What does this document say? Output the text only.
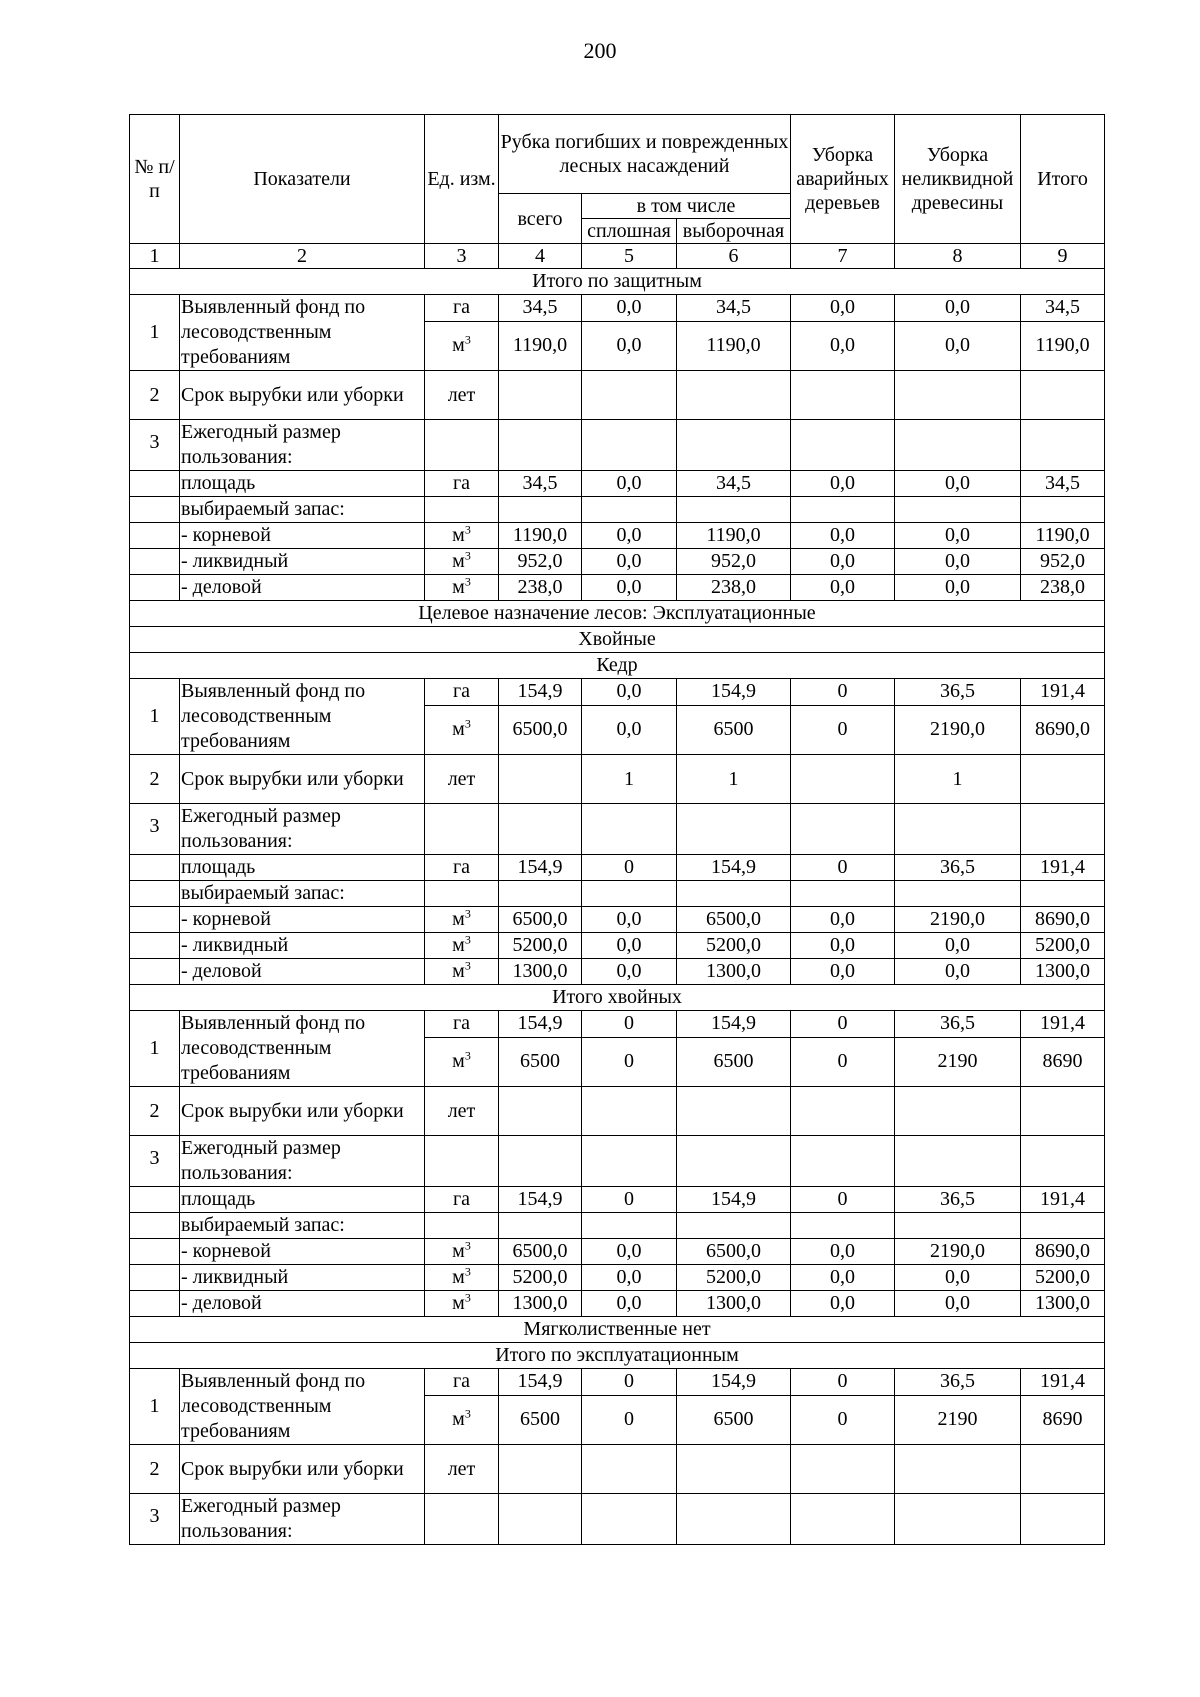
200
№ п/п	Показатели	Ед. изм.	Рубка погибших и поврежденных лесных насаждений			Уборка аварийных деревьев	Уборка неликвидной древесины	Итого
			всего	в том числе				
				сплошная	выборочная			
1	2	3	4	5	6	7	8	9
Итого по защитным								
1	Выявленный фонд по лесоводственным требованиям	га	34,5	0,0	34,5	0,0	0,0	34,5
		$м^3$	1190,0	0,0	1190,0	0,0	0,0	1190,0
2	Срок вырубки или уборки	лет						
3	Ежегодный размер пользования:							
	площадь	га	34,5	0,0	34,5	0,0	0,0	34,5
	выбираемый запас:							
	- корневой	$м^3$	1190,0	0,0	1190,0	0,0	0,0	1190,0
	- ликвидный	$м^3$	952,0	0,0	952,0	0,0	0,0	952,0
	- деловой	$м^3$	238,0	0,0	238,0	0,0	0,0	238,0
Целевое назначение лесов: Эксплуатационные								
Хвойные								
Кедр								
1	Выявленный фонд по лесоводственным требованиям	га	154,9	0,0	154,9	0	36,5	191,4
		$м^3$	6500,0	0,0	6500	0	2190,0	8690,0
2	Срок вырубки или уборки	лет		1	1		1	
3	Ежегодный размер пользования:							
	площадь	га	154,9	0	154,9	0	36,5	191,4
	выбираемый запас:							
	- корневой	$м^3$	6500,0	0,0	6500,0	0,0	2190,0	8690,0
	- ликвидный	$м^3$	5200,0	0,0	5200,0	0,0	0,0	5200,0
	- деловой	$м^3$	1300,0	0,0	1300,0	0,0	0,0	1300,0
Итого хвойных								
1	Выявленный фонд по лесоводственным требованиям	га	154,9	0	154,9	0	36,5	191,4
		$м^3$	6500	0	6500	0	2190	8690
2	Срок вырубки или уборки	лет						
3	Ежегодный размер пользования:							
	площадь	га	154,9	0	154,9	0	36,5	191,4
	выбираемый запас:							
	- корневой	$м^3$	6500,0	0,0	6500,0	0,0	2190,0	8690,0
	- ликвидный	$м^3$	5200,0	0,0	5200,0	0,0	0,0	5200,0
	- деловой	$м^3$	1300,0	0,0	1300,0	0,0	0,0	1300,0
Мягколиственные нет								
Итого по эксплуатационным								
1	Выявленный фонд по лесоводственным требованиям	га	154,9	0	154,9	0	36,5	191,4
		$м^3$	6500	0	6500	0	2190	8690
2	Срок вырубки или уборки	лет						
3	Ежегодный размер пользования:							
